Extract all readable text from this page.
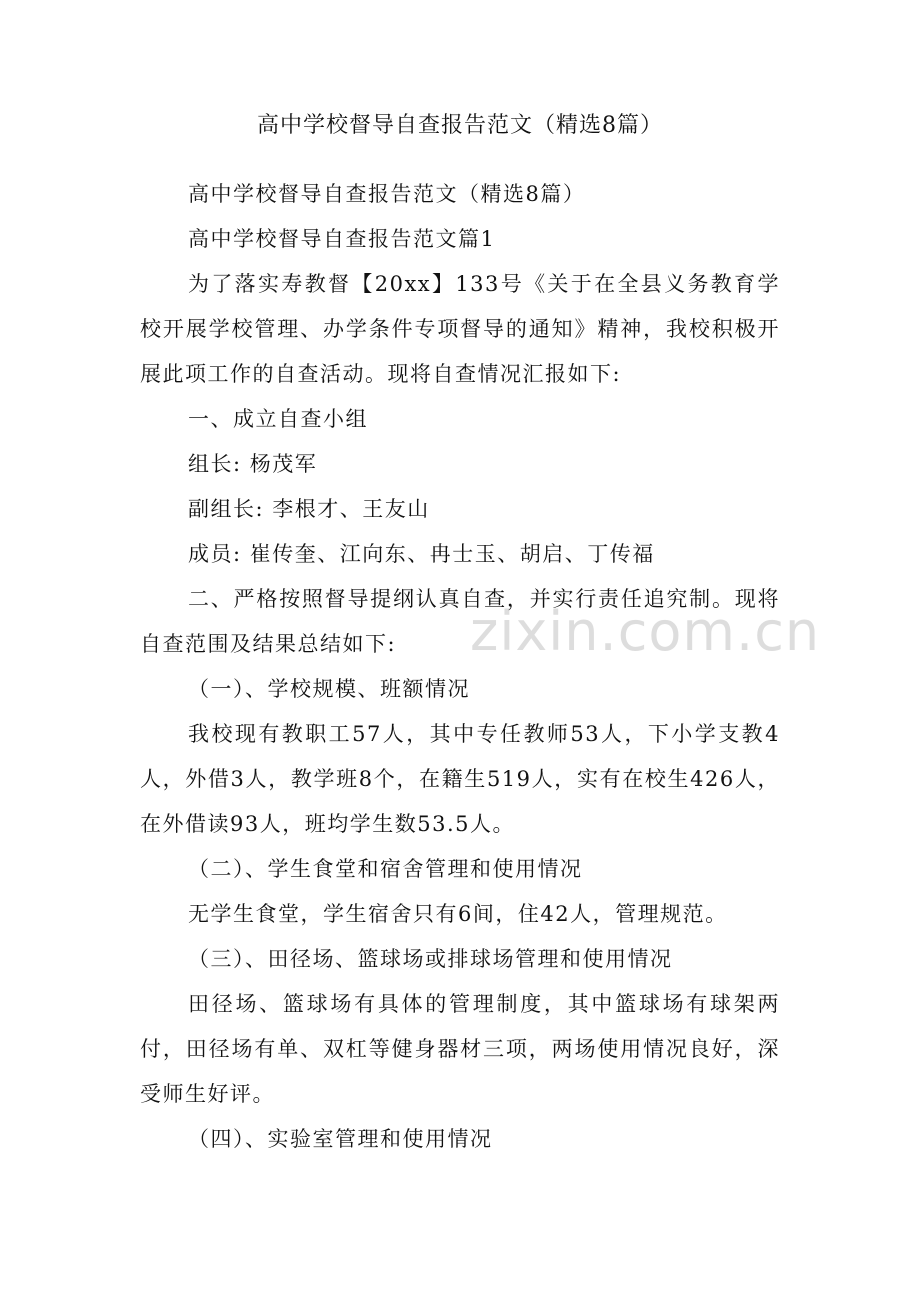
高中学校督导自查报告范文（精选8篇）

高中学校督导自查报告范文（精选8篇）

高中学校督导自查报告范文篇1

为了落实寿教督【20xx】133号《关于在全县义务教育学校开展学校管理、办学条件专项督导的通知》精神，我校积极开展此项工作的自查活动。现将自查情况汇报如下:

一、成立自查小组

组长: 杨茂军

副组长: 李根才、王友山

成员: 崔传奎、江向东、冉士玉、胡启、丁传福

二、严格按照督导提纲认真自查，并实行责任追究制。现将自查范围及结果总结如下:

（一）、学校规模、班额情况

我校现有教职工57人，其中专任教师53人，下小学支教4人，外借3人，教学班8个，在籍生519人，实有在校生426人，在外借读93人，班均学生数53.5人。

（二）、学生食堂和宿舍管理和使用情况

无学生食堂，学生宿舍只有6间，住42人，管理规范。

（三）、田径场、篮球场或排球场管理和使用情况

田径场、篮球场有具体的管理制度，其中篮球场有球架两付，田径场有单、双杠等健身器材三项，两场使用情况良好，深受师生好评。

（四）、实验室管理和使用情况

zixin.com.cn
